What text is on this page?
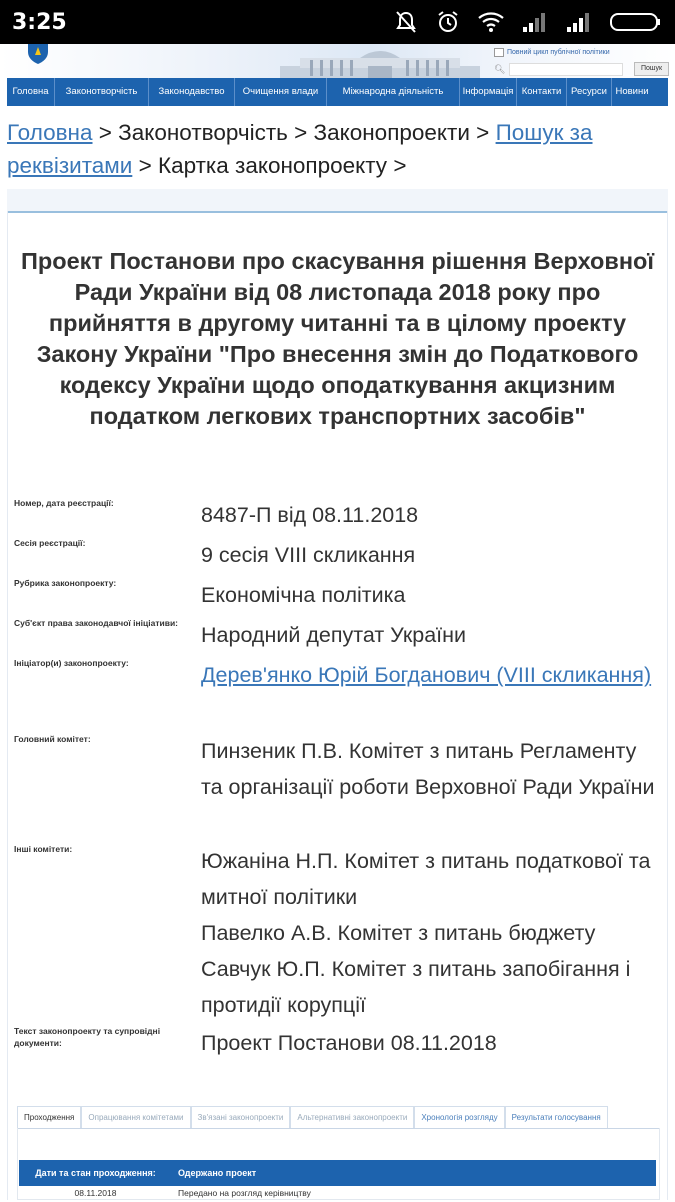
3:25
Повний цикл публічної політики
🔍︎	Пошук
Головна	Законотворчість	Законодавство	Очищення влади	Міжнародна діяльність	Інформація Контакти	Ресурси Новини
Головна > Законотворчість > Законопроекти > Пошук за реквізитами > Картка законопроекту >
Проект Постанови про скасування рішення Верховної Ради України від 08 листопада 2018 року про прийняття в другому читанні та в цілому проекту Закону України "Про внесення змін до Податкового кодексу України щодо оподаткування акцизним податком легкових транспортних засобів"
Номер, дата реєстрації:	8487-П від 08.11.2018
Сесія реєстрації:	9 сесія VIII скликання
Рубрика законопроекту:	Економічна політика
Суб'єкт права законодавчої ініціативи:	Народний депутат України
Ініціатор(и) законопроекту:	Дерев'янко Юрій Богданович (VIII скликання)
Головний комітет:	Пинзеник П.В. Комітет з питань Регламенту та організації роботи Верховної Ради України
Інші комітети:	Южаніна Н.П. Комітет з питань податкової та митної політики
Павелко А.В. Комітет з питань бюджету
Савчук Ю.П. Комітет з питань запобігання і протидії корупції
Текст законопроекту та супровідні документи:	Проект Постанови 08.11.2018
Проходження	Опрацювання комітетами	Зв'язані законопроекти	Альтернативні законопроекти	Хронологія розгляду	Результати голосування
Дати та стан проходження:	Одержано проект
08.11.2018	Передано на розгляд керівництву
